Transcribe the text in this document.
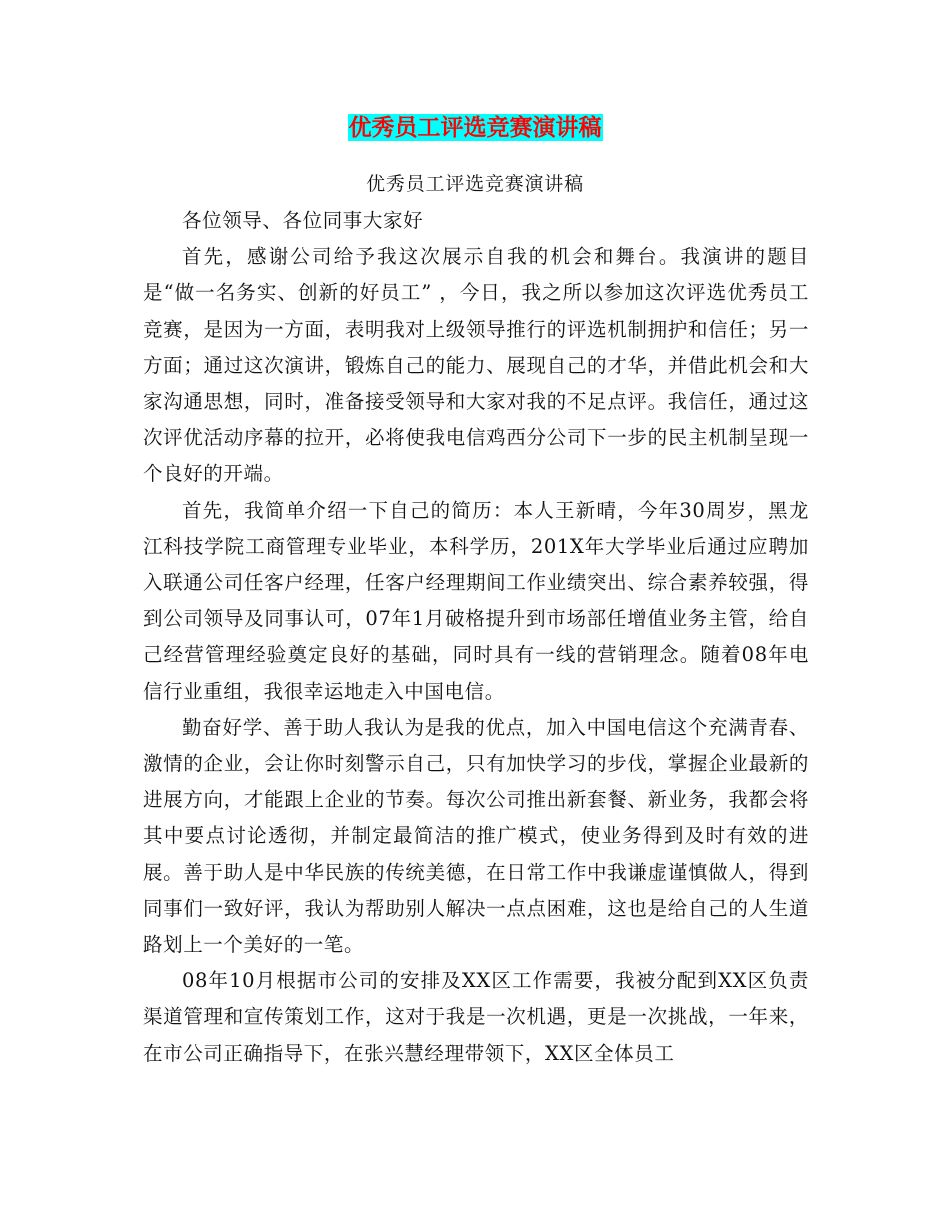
优秀员工评选竞赛演讲稿
优秀员工评选竞赛演讲稿

各位领导、各位同事大家好

首先，感谢公司给予我这次展示自我的机会和舞台。我演讲的题目是“做一名务实、创新的好员工” ，今日，我之所以参加这次评选优秀员工竞赛，是因为一方面，表明我对上级领导推行的评选机制拥护和信任；另一方面；通过这次演讲，锻炼自己的能力、展现自己的才华，并借此机会和大家沟通思想，同时，准备接受领导和大家对我的不足点评。我信任，通过这次评优活动序幕的拉开，必将使我电信鸡西分公司下一步的民主机制呈现一个良好的开端。

首先，我简单介绍一下自己的简历：本人王新晴，今年30周岁，黑龙江科技学院工商管理专业毕业，本科学历，201X年大学毕业后通过应聘加入联通公司任客户经理，任客户经理期间工作业绩突出、综合素养较强，得到公司领导及同事认可，07年1月破格提升到市场部任增值业务主管，给自己经营管理经验奠定良好的基础，同时具有一线的营销理念。随着08年电信行业重组，我很幸运地走入中国电信。

勤奋好学、善于助人我认为是我的优点，加入中国电信这个充满青春、激情的企业，会让你时刻警示自己，只有加快学习的步伐，掌握企业最新的进展方向，才能跟上企业的节奏。每次公司推出新套餐、新业务，我都会将其中要点讨论透彻，并制定最简洁的推广模式，使业务得到及时有效的进展。善于助人是中华民族的传统美德，在日常工作中我谦虚谨慎做人，得到同事们一致好评，我认为帮助别人解决一点点困难，这也是给自己的人生道路划上一个美好的一笔。

08年10月根据市公司的安排及XX区工作需要，我被分配到XX区负责渠道管理和宣传策划工作，这对于我是一次机遇，更是一次挑战，一年来，在市公司正确指导下，在张兴慧经理带领下，XX区全体员工
